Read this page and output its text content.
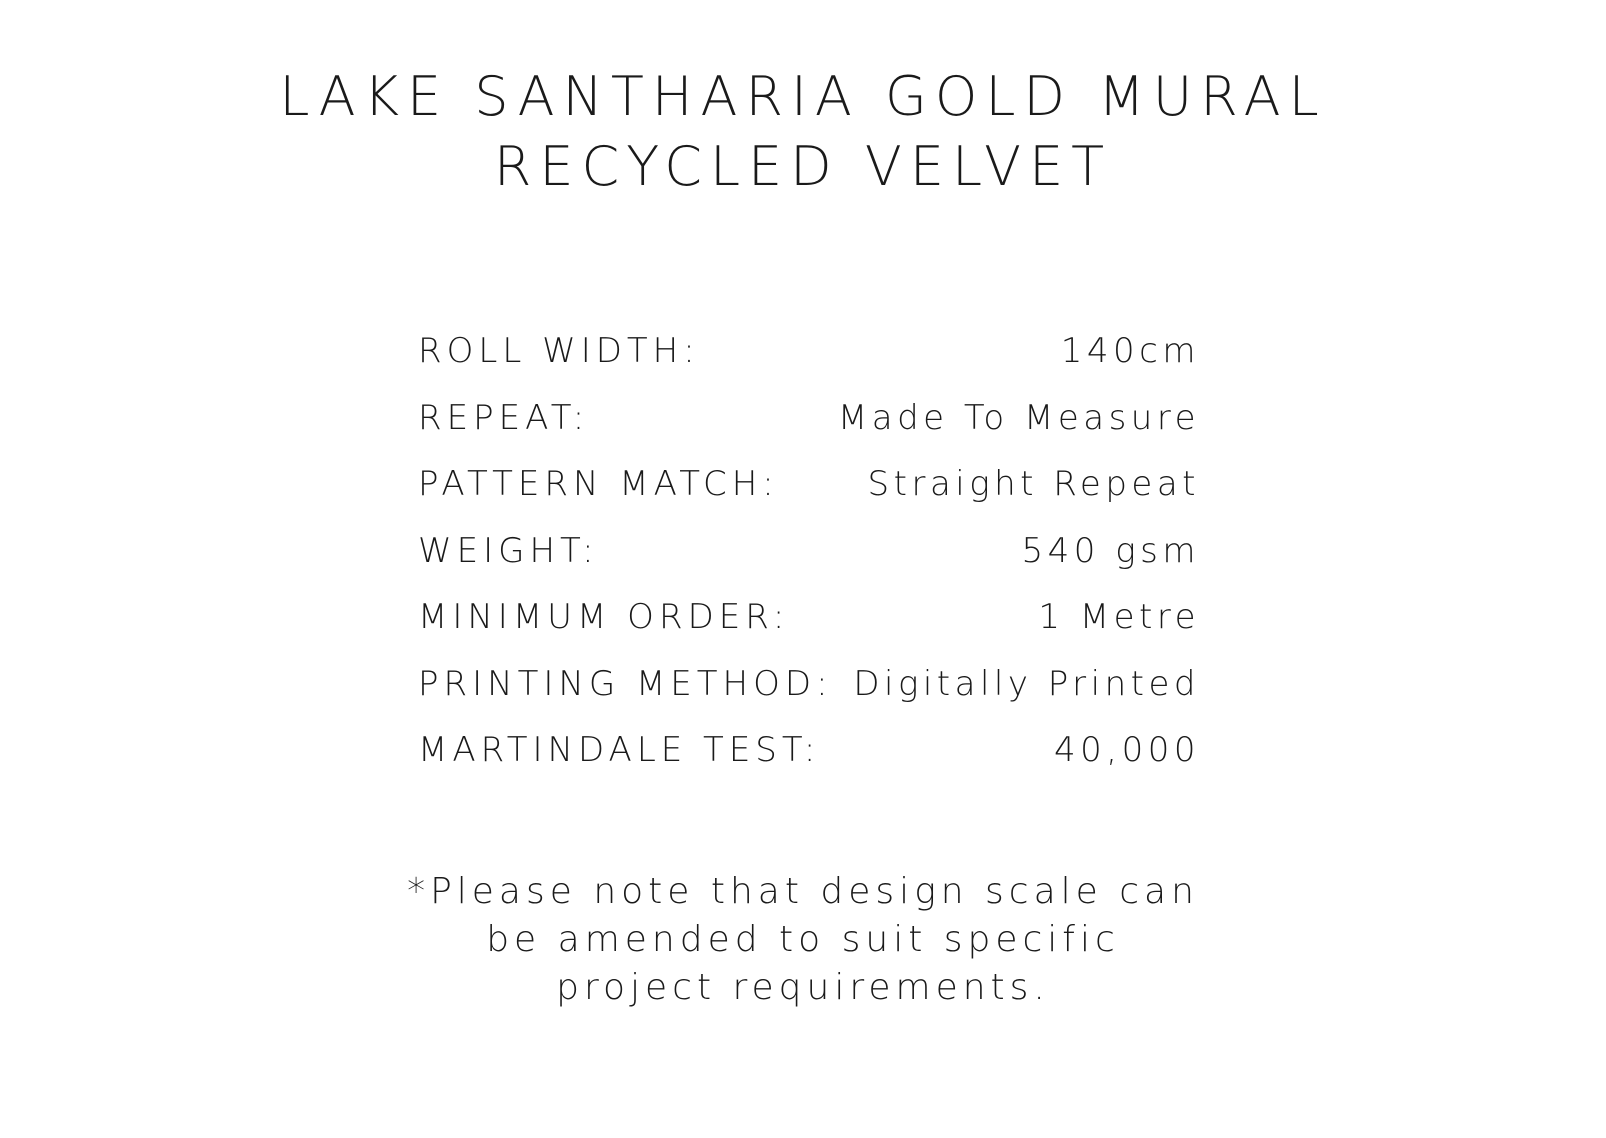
LAKE SANTHARIA GOLD MURAL
RECYCLED VELVET
ROLL WIDTH:	140cm
REPEAT:	Made To Measure
PATTERN MATCH:	Straight Repeat
WEIGHT:	540 gsm
MINIMUM ORDER:	1 Metre
PRINTING METHOD: Digitally Printed
MARTINDALE TEST:	40,000

*Please note that design scale can
be amended to suit specific
project requirements.
